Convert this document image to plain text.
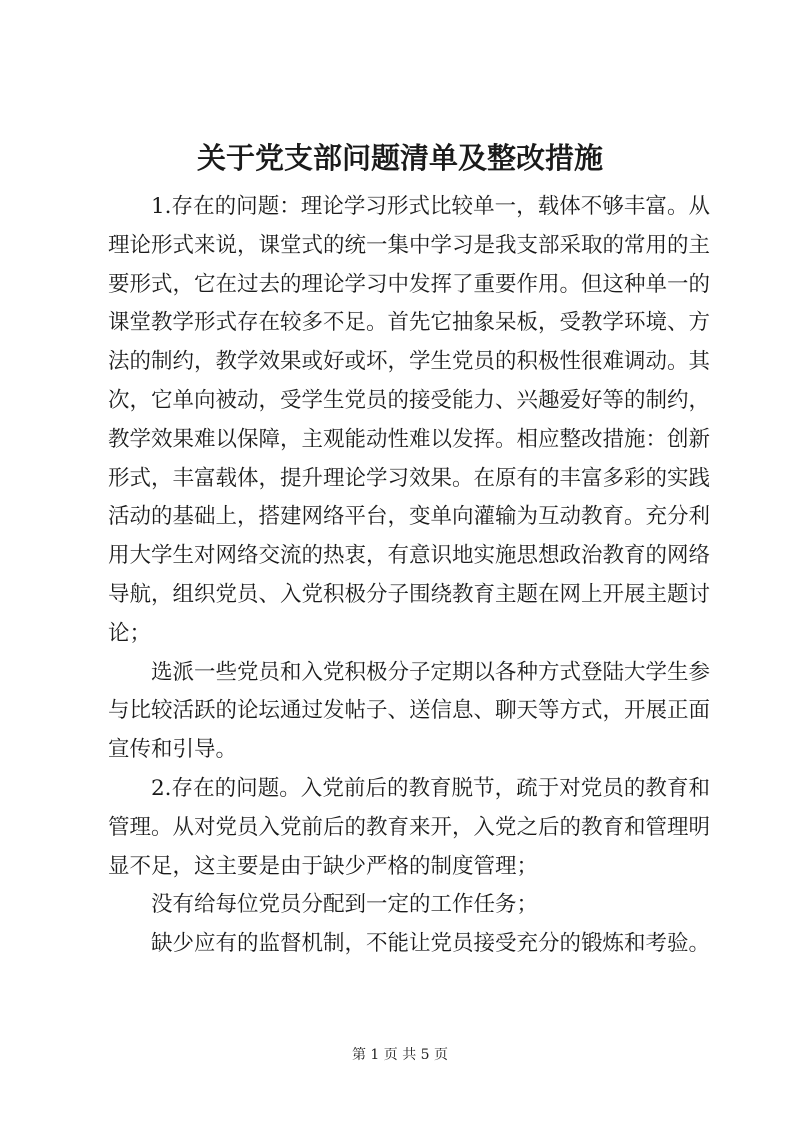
关于党支部问题清单及整改措施

1.存在的问题：理论学习形式比较单一，载体不够丰富。从理论形式来说，课堂式的统一集中学习是我支部采取的常用的主要形式，它在过去的理论学习中发挥了重要作用。但这种单一的课堂教学形式存在较多不足。首先它抽象呆板，受教学环境、方法的制约，教学效果或好或坏，学生党员的积极性很难调动。其次，它单向被动，受学生党员的接受能力、兴趣爱好等的制约，教学效果难以保障，主观能动性难以发挥。相应整改措施：创新形式，丰富载体，提升理论学习效果。在原有的丰富多彩的实践活动的基础上，搭建网络平台，变单向灌输为互动教育。充分利用大学生对网络交流的热衷，有意识地实施思想政治教育的网络导航，组织党员、入党积极分子围绕教育主题在网上开展主题讨论；

选派一些党员和入党积极分子定期以各种方式登陆大学生参与比较活跃的论坛通过发帖子、送信息、聊天等方式，开展正面宣传和引导。

2.存在的问题。入党前后的教育脱节，疏于对党员的教育和管理。从对党员入党前后的教育来开，入党之后的教育和管理明显不足，这主要是由于缺少严格的制度管理；

没有给每位党员分配到一定的工作任务；

缺少应有的监督机制，不能让党员接受充分的锻炼和考验。

第 1 页 共 5 页
